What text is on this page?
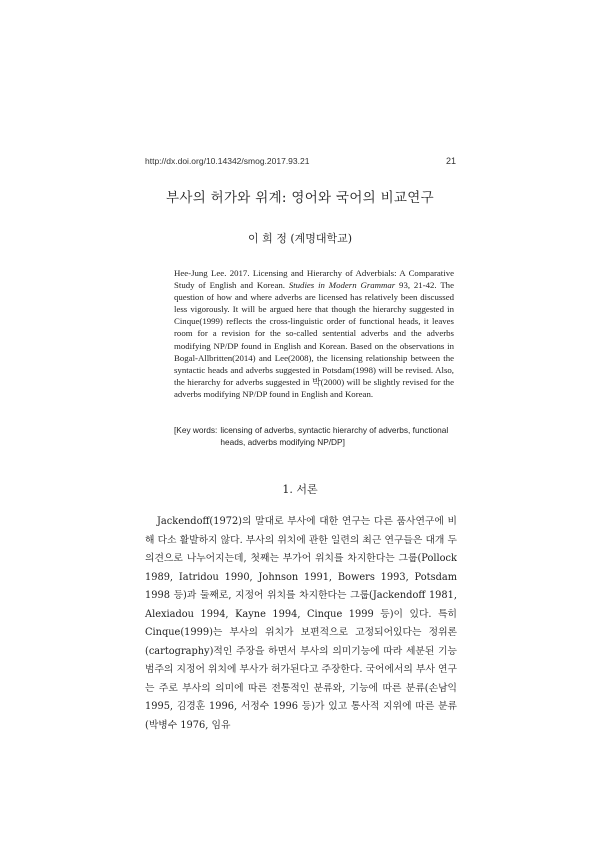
http://dx.doi.org/10.14342/smog.2017.93.21	21
부사의 허가와 위계: 영어와 국어의 비교연구
이 희 정 (계명대학교)

Hee-Jung Lee. 2017. Licensing and Hierarchy of Adverbials: A Comparative Study of English and Korean. Studies in Modern Grammar 93, 21-42. The question of how and where adverbs are licensed has relatively been discussed less vigorously. It will be argued here that though the hierarchy suggested in Cinque(1999) reflects the cross-linguistic order of functional heads, it leaves room for a revision for the so-called sentential adverbs and the adverbs modifying NP/DP found in English and Korean. Based on the observations in Bogal-Allbritten(2014) and Lee(2008), the licensing relationship between the syntactic heads and adverbs suggested in Potsdam(1998) will be revised. Also, the hierarchy for adverbs suggested in 박(2000) will be slightly revised for the adverbs modifying NP/DP found in English and Korean.

[Key words: licensing of adverbs, syntactic hierarchy of adverbs, functional heads, adverbs modifying NP/DP]
1. 서론

Jackendoff(1972)의 말대로 부사에 대한 연구는 다른 품사연구에 비해 다소 활발하지 않다. 부사의 위치에 관한 일련의 최근 연구들은 대개 두 의견으로 나누어지는데, 첫째는 부가어 위치를 차지한다는 그룹(Pollock 1989, Iatridou 1990, Johnson 1991, Bowers 1993, Potsdam 1998 등)과 둘째로, 지정어 위치를 차지한다는 그룹(Jackendoff 1981, Alexiadou 1994, Kayne 1994, Cinque 1999 등)이 있다. 특히 Cinque(1999)는 부사의 위치가 보편적으로 고정되어있다는 정위론(cartography)적인 주장을 하면서 부사의 의미기능에 따라 세분된 기능범주의 지정어 위치에 부사가 허가된다고 주장한다. 국어에서의 부사 연구는 주로 부사의 의미에 따른 전통적인 분류와, 기능에 따른 분류(손남익 1995, 김경훈 1996, 서정수 1996 등)가 있고 통사적 지위에 따른 분류(박병수 1976, 임유
